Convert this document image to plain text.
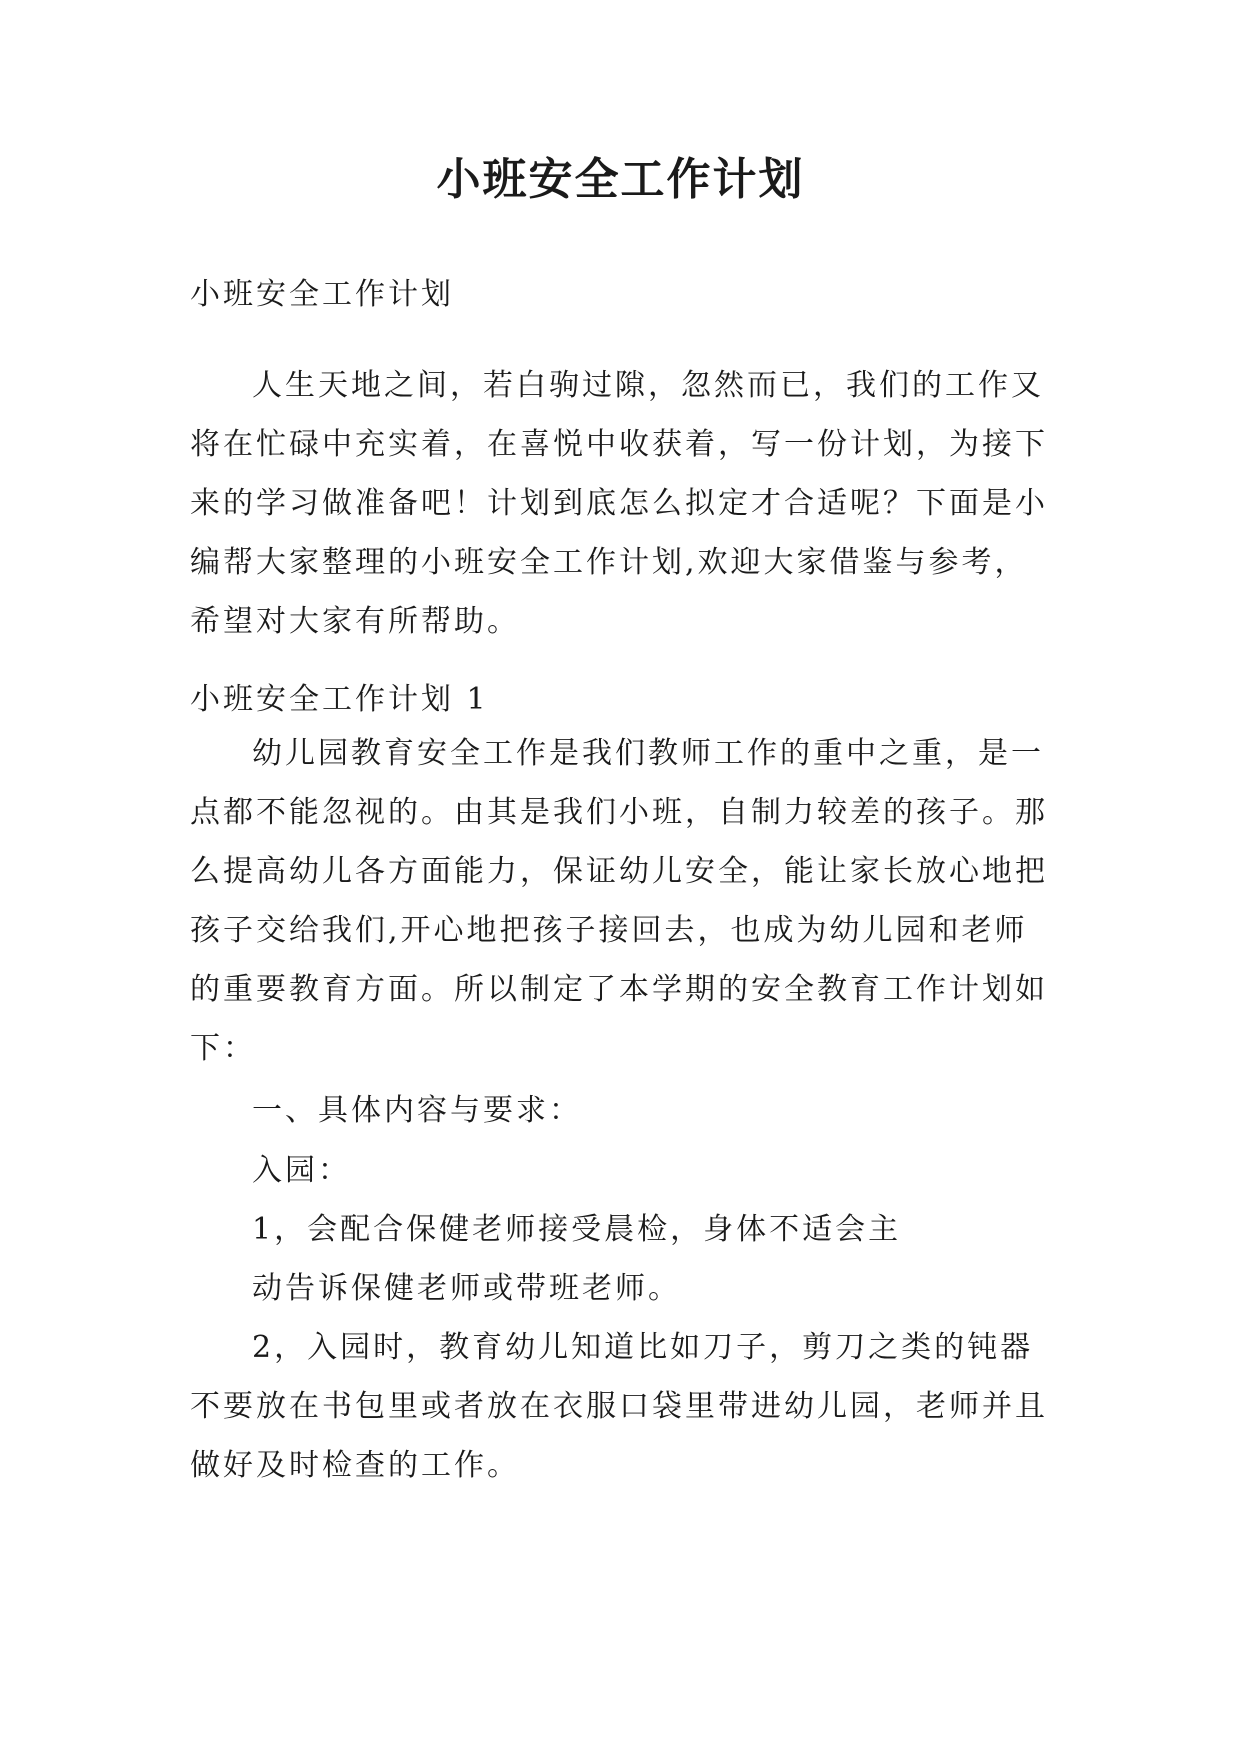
小班安全工作计划

小班安全工作计划

人生天地之间，若白驹过隙，忽然而已，我们的工作又将在忙碌中充实着，在喜悦中收获着，写一份计划，为接下来的学习做准备吧！计划到底怎么拟定才合适呢？下面是小编帮大家整理的小班安全工作计划,欢迎大家借鉴与参考，希望对大家有所帮助。

小班安全工作计划 1

幼儿园教育安全工作是我们教师工作的重中之重，是一点都不能忽视的。由其是我们小班，自制力较差的孩子。那么提高幼儿各方面能力，保证幼儿安全，能让家长放心地把孩子交给我们,开心地把孩子接回去，也成为幼儿园和老师的重要教育方面。所以制定了本学期的安全教育工作计划如下：

一、具体内容与要求：

入园：

1，会配合保健老师接受晨检，身体不适会主

动告诉保健老师或带班老师。

2，入园时，教育幼儿知道比如刀子，剪刀之类的钝器不要放在书包里或者放在衣服口袋里带进幼儿园，老师并且做好及时检查的工作。
